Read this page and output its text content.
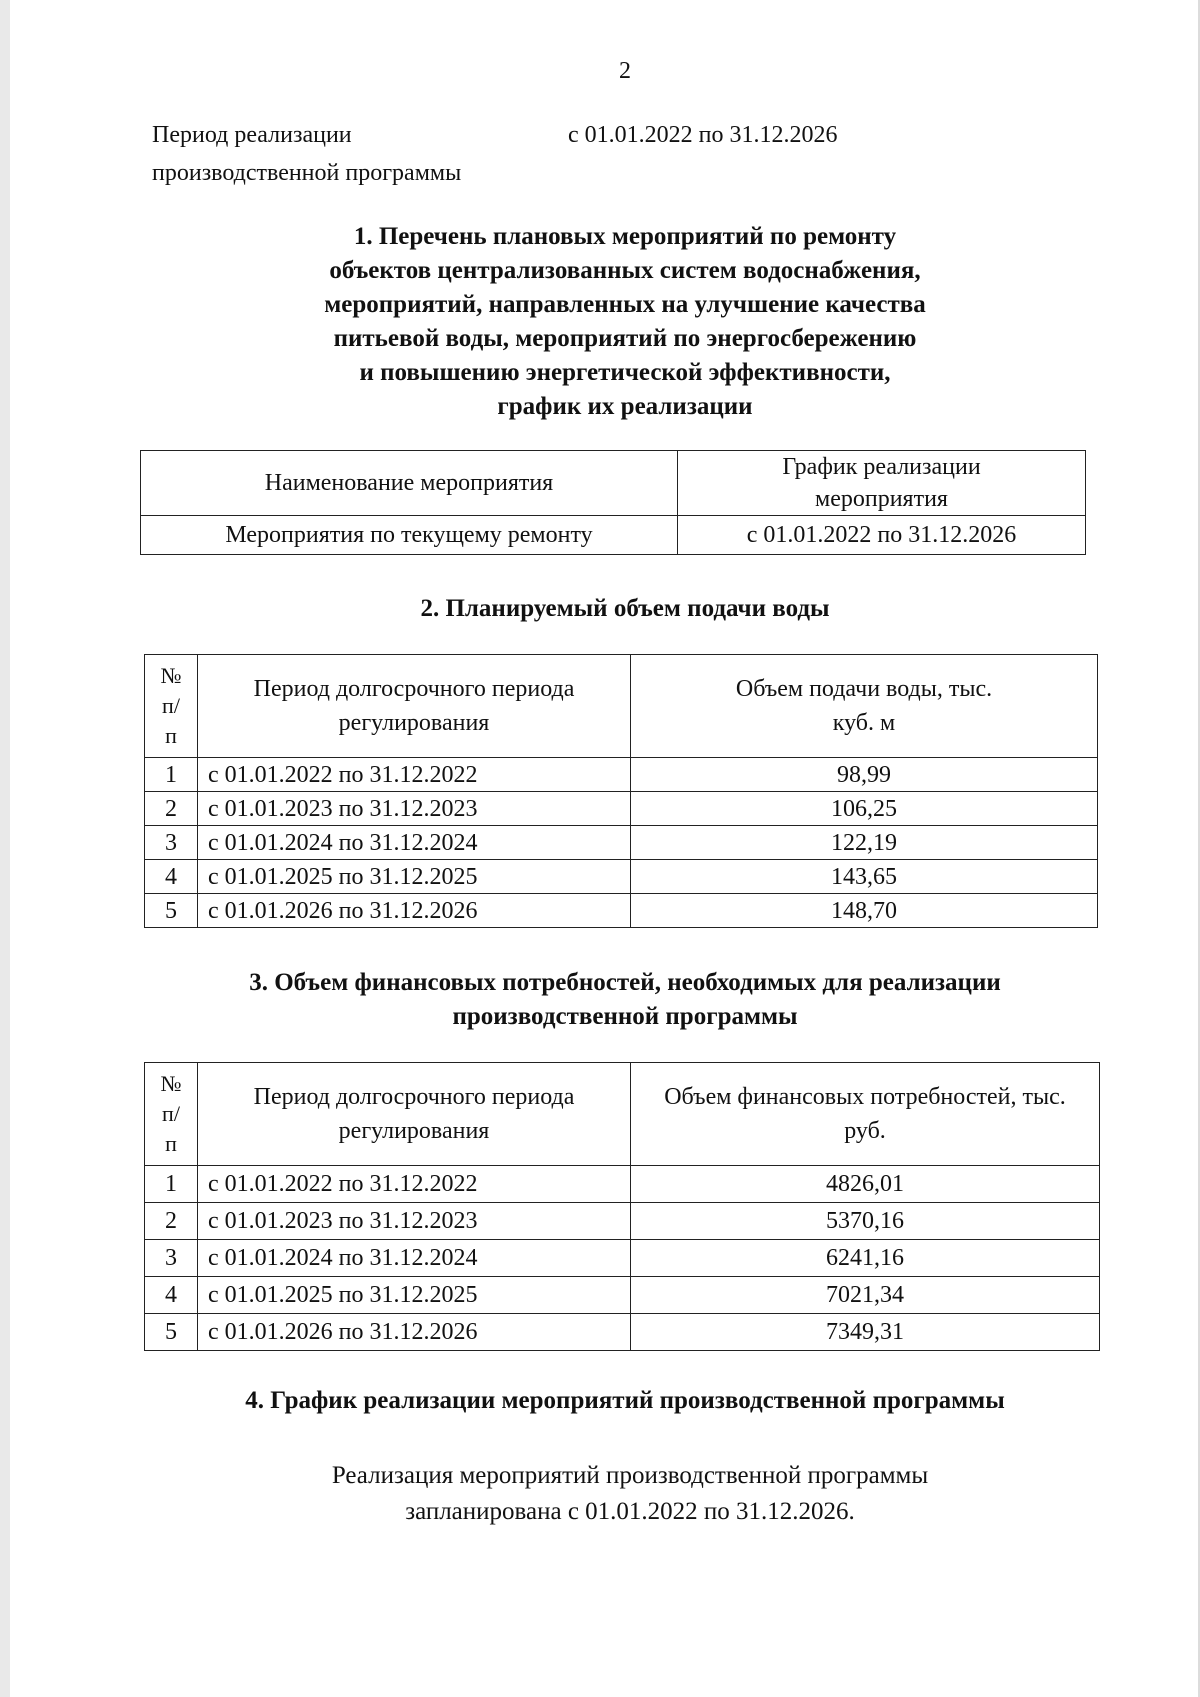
2
Период реализации
производственной программы
с 01.01.2022 по 31.12.2026
1. Перечень плановых мероприятий по ремонту
объектов централизованных систем водоснабжения,
мероприятий, направленных на улучшение качества
питьевой воды, мероприятий по энергосбережению
и повышению энергетической эффективности,
график их реализации
Наименование мероприятия	График реализации мероприятия
Мероприятия по текущему ремонту	с 01.01.2022 по 31.12.2026
2. Планируемый объем подачи воды
№ п/п	Период долгосрочного периода регулирования	Объем подачи воды, тыс. куб. м
1	с 01.01.2022 по 31.12.2022	98,99
2	с 01.01.2023 по 31.12.2023	106,25
3	с 01.01.2024 по 31.12.2024	122,19
4	с 01.01.2025 по 31.12.2025	143,65
5	с 01.01.2026 по 31.12.2026	148,70
3. Объем финансовых потребностей, необходимых для реализации
производственной программы
№ п/п	Период долгосрочного периода регулирования	Объем финансовых потребностей, тыс. руб.
1	с 01.01.2022 по 31.12.2022	4826,01
2	с 01.01.2023 по 31.12.2023	5370,16
3	с 01.01.2024 по 31.12.2024	6241,16
4	с 01.01.2025 по 31.12.2025	7021,34
5	с 01.01.2026 по 31.12.2026	7349,31
4. График реализации мероприятий производственной программы
Реализация мероприятий производственной программы
запланирована с 01.01.2022 по 31.12.2026.
